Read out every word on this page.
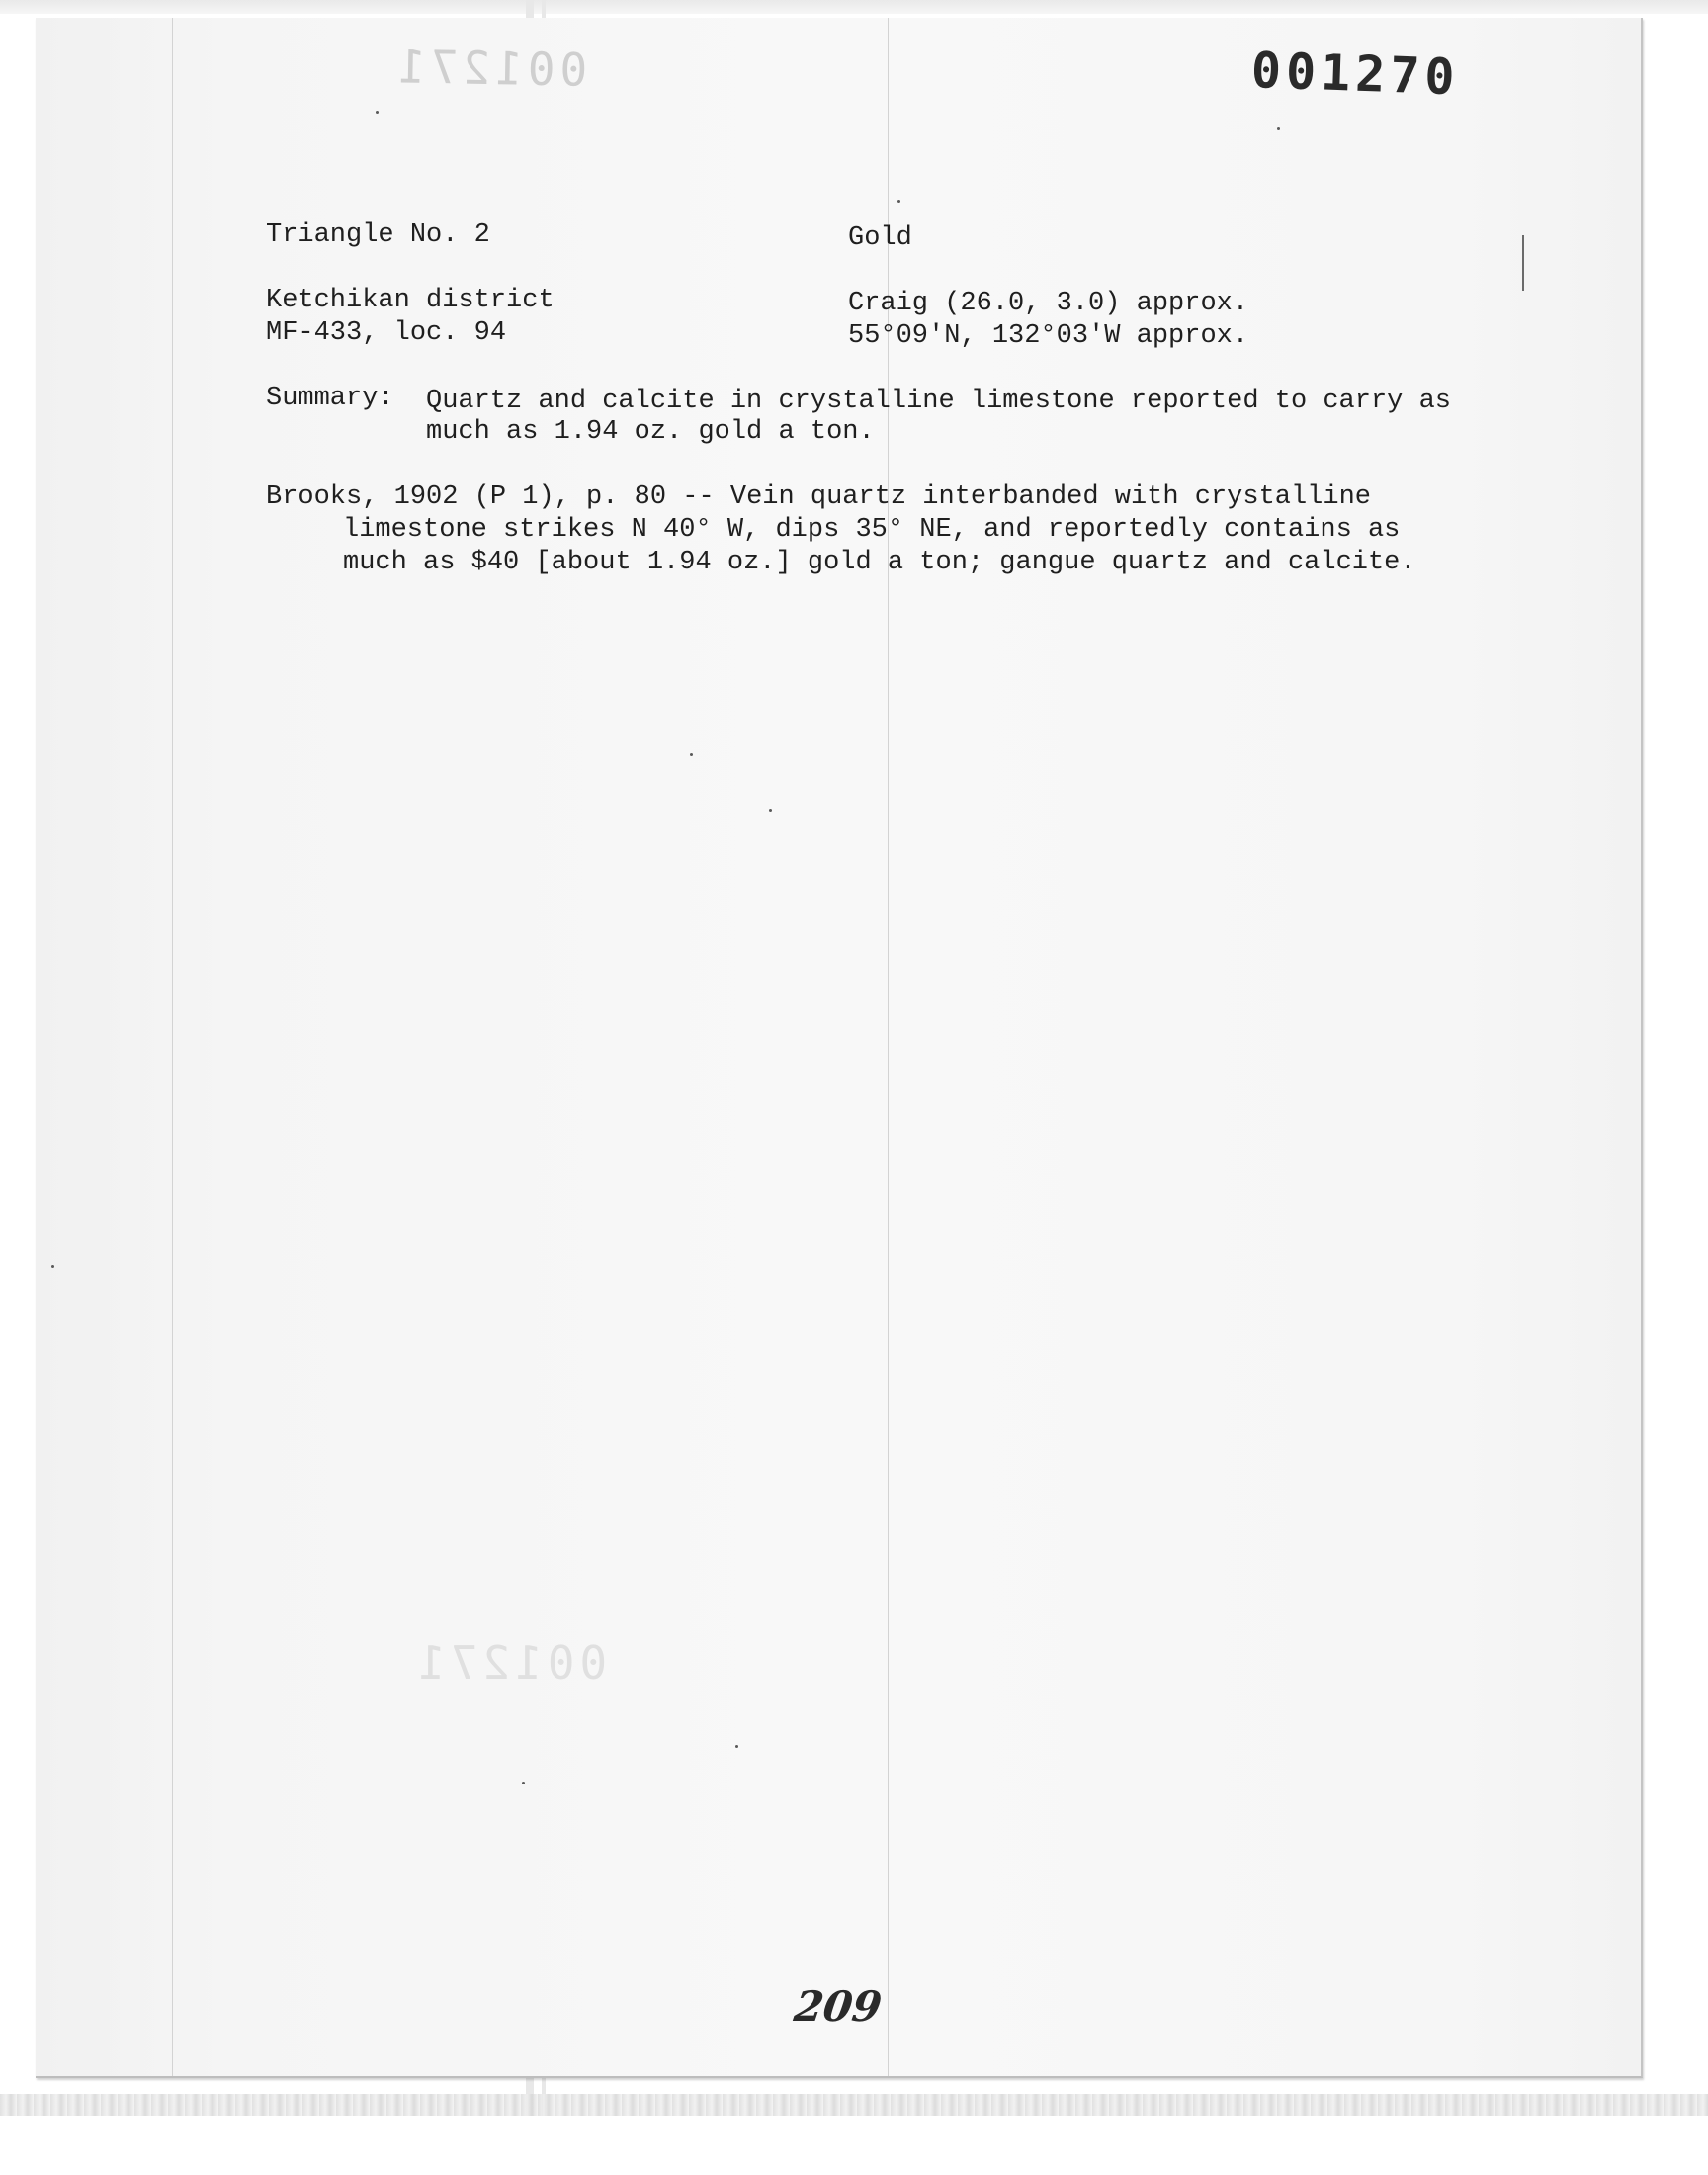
001271	001270
001271
Triangle No. 2	Gold
Ketchikan district
MF-433, loc. 94
Craig (26.0, 3.0) approx.
55°09'N, 132°03'W approx.
Summary: Quartz and calcite in crystalline limestone reported to carry as
much as 1.94 oz. gold a ton.
Brooks, 1902 (P 1), p. 80 -- Vein quartz interbanded with crystalline
limestone strikes N 40° W, dips 35° NE, and reportedly contains as
much as $40 [about 1.94 oz.] gold a ton; gangue quartz and calcite.
209
